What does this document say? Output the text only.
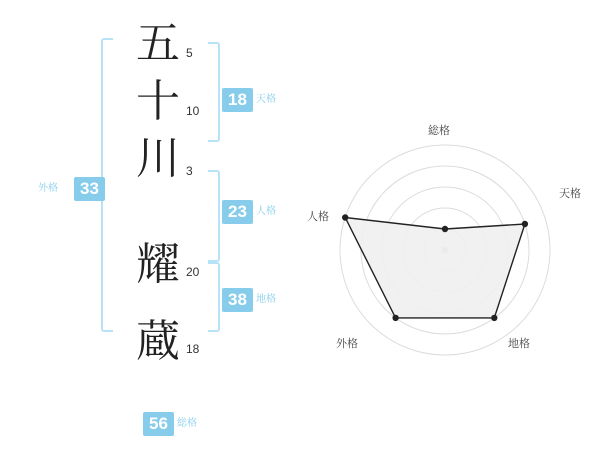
33
外格
五
十
川
耀
蔵
5
10
3
20
18
18 天格
23 人格
38 地格
56 総格
総格
天格
地格
外格
人格
